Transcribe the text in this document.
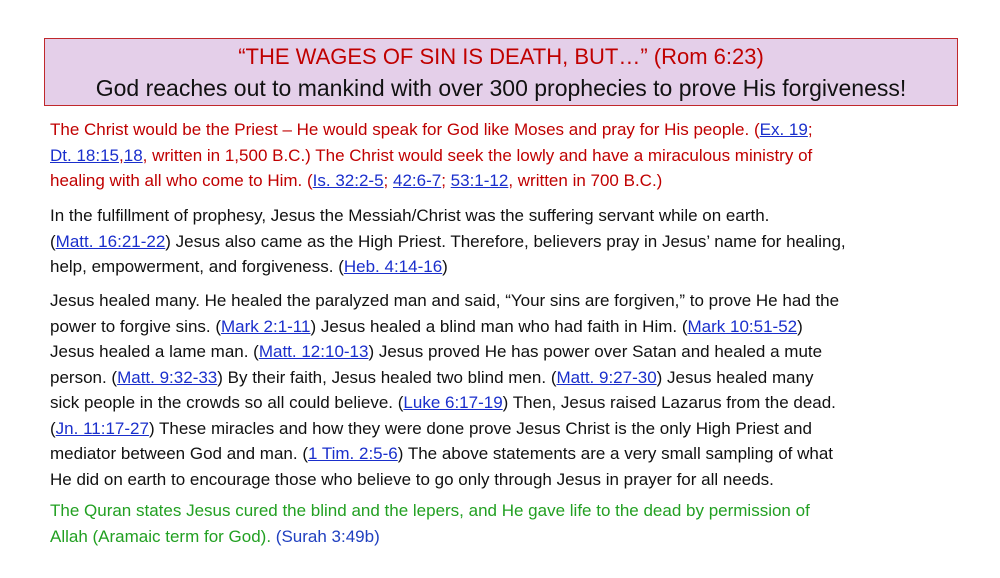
“THE WAGES OF SIN IS DEATH, BUT…” (Rom 6:23)
God reaches out to mankind with over 300 prophecies to prove His forgiveness!

The Christ would be the Priest – He would speak for God like Moses and pray for His people. (Ex. 19;
Dt. 18:15,18, written in 1,500 B.C.) The Christ would seek the lowly and have a miraculous ministry of
healing with all who come to Him. (Is. 32:2-5; 42:6-7; 53:1-12, written in 700 B.C.)

In the fulfillment of prophesy, Jesus the Messiah/Christ was the suffering servant while on earth.
(Matt. 16:21-22) Jesus also came as the High Priest. Therefore, believers pray in Jesus’ name for healing,
help, empowerment, and forgiveness. (Heb. 4:14-16)

Jesus healed many. He healed the paralyzed man and said, “Your sins are forgiven,” to prove He had the
power to forgive sins. (Mark 2:1-11) Jesus healed a blind man who had faith in Him. (Mark 10:51-52)
Jesus healed a lame man. (Matt. 12:10-13) Jesus proved He has power over Satan and healed a mute
person. (Matt. 9:32-33) By their faith, Jesus healed two blind men. (Matt. 9:27-30) Jesus healed many
sick people in the crowds so all could believe. (Luke 6:17-19) Then, Jesus raised Lazarus from the dead.
(Jn. 11:17-27) These miracles and how they were done prove Jesus Christ is the only High Priest and
mediator between God and man. (1 Tim. 2:5-6) The above statements are a very small sampling of what
He did on earth to encourage those who believe to go only through Jesus in prayer for all needs.

The Quran states Jesus cured the blind and the lepers, and He gave life to the dead by permission of
Allah (Aramaic term for God). (Surah 3:49b)
